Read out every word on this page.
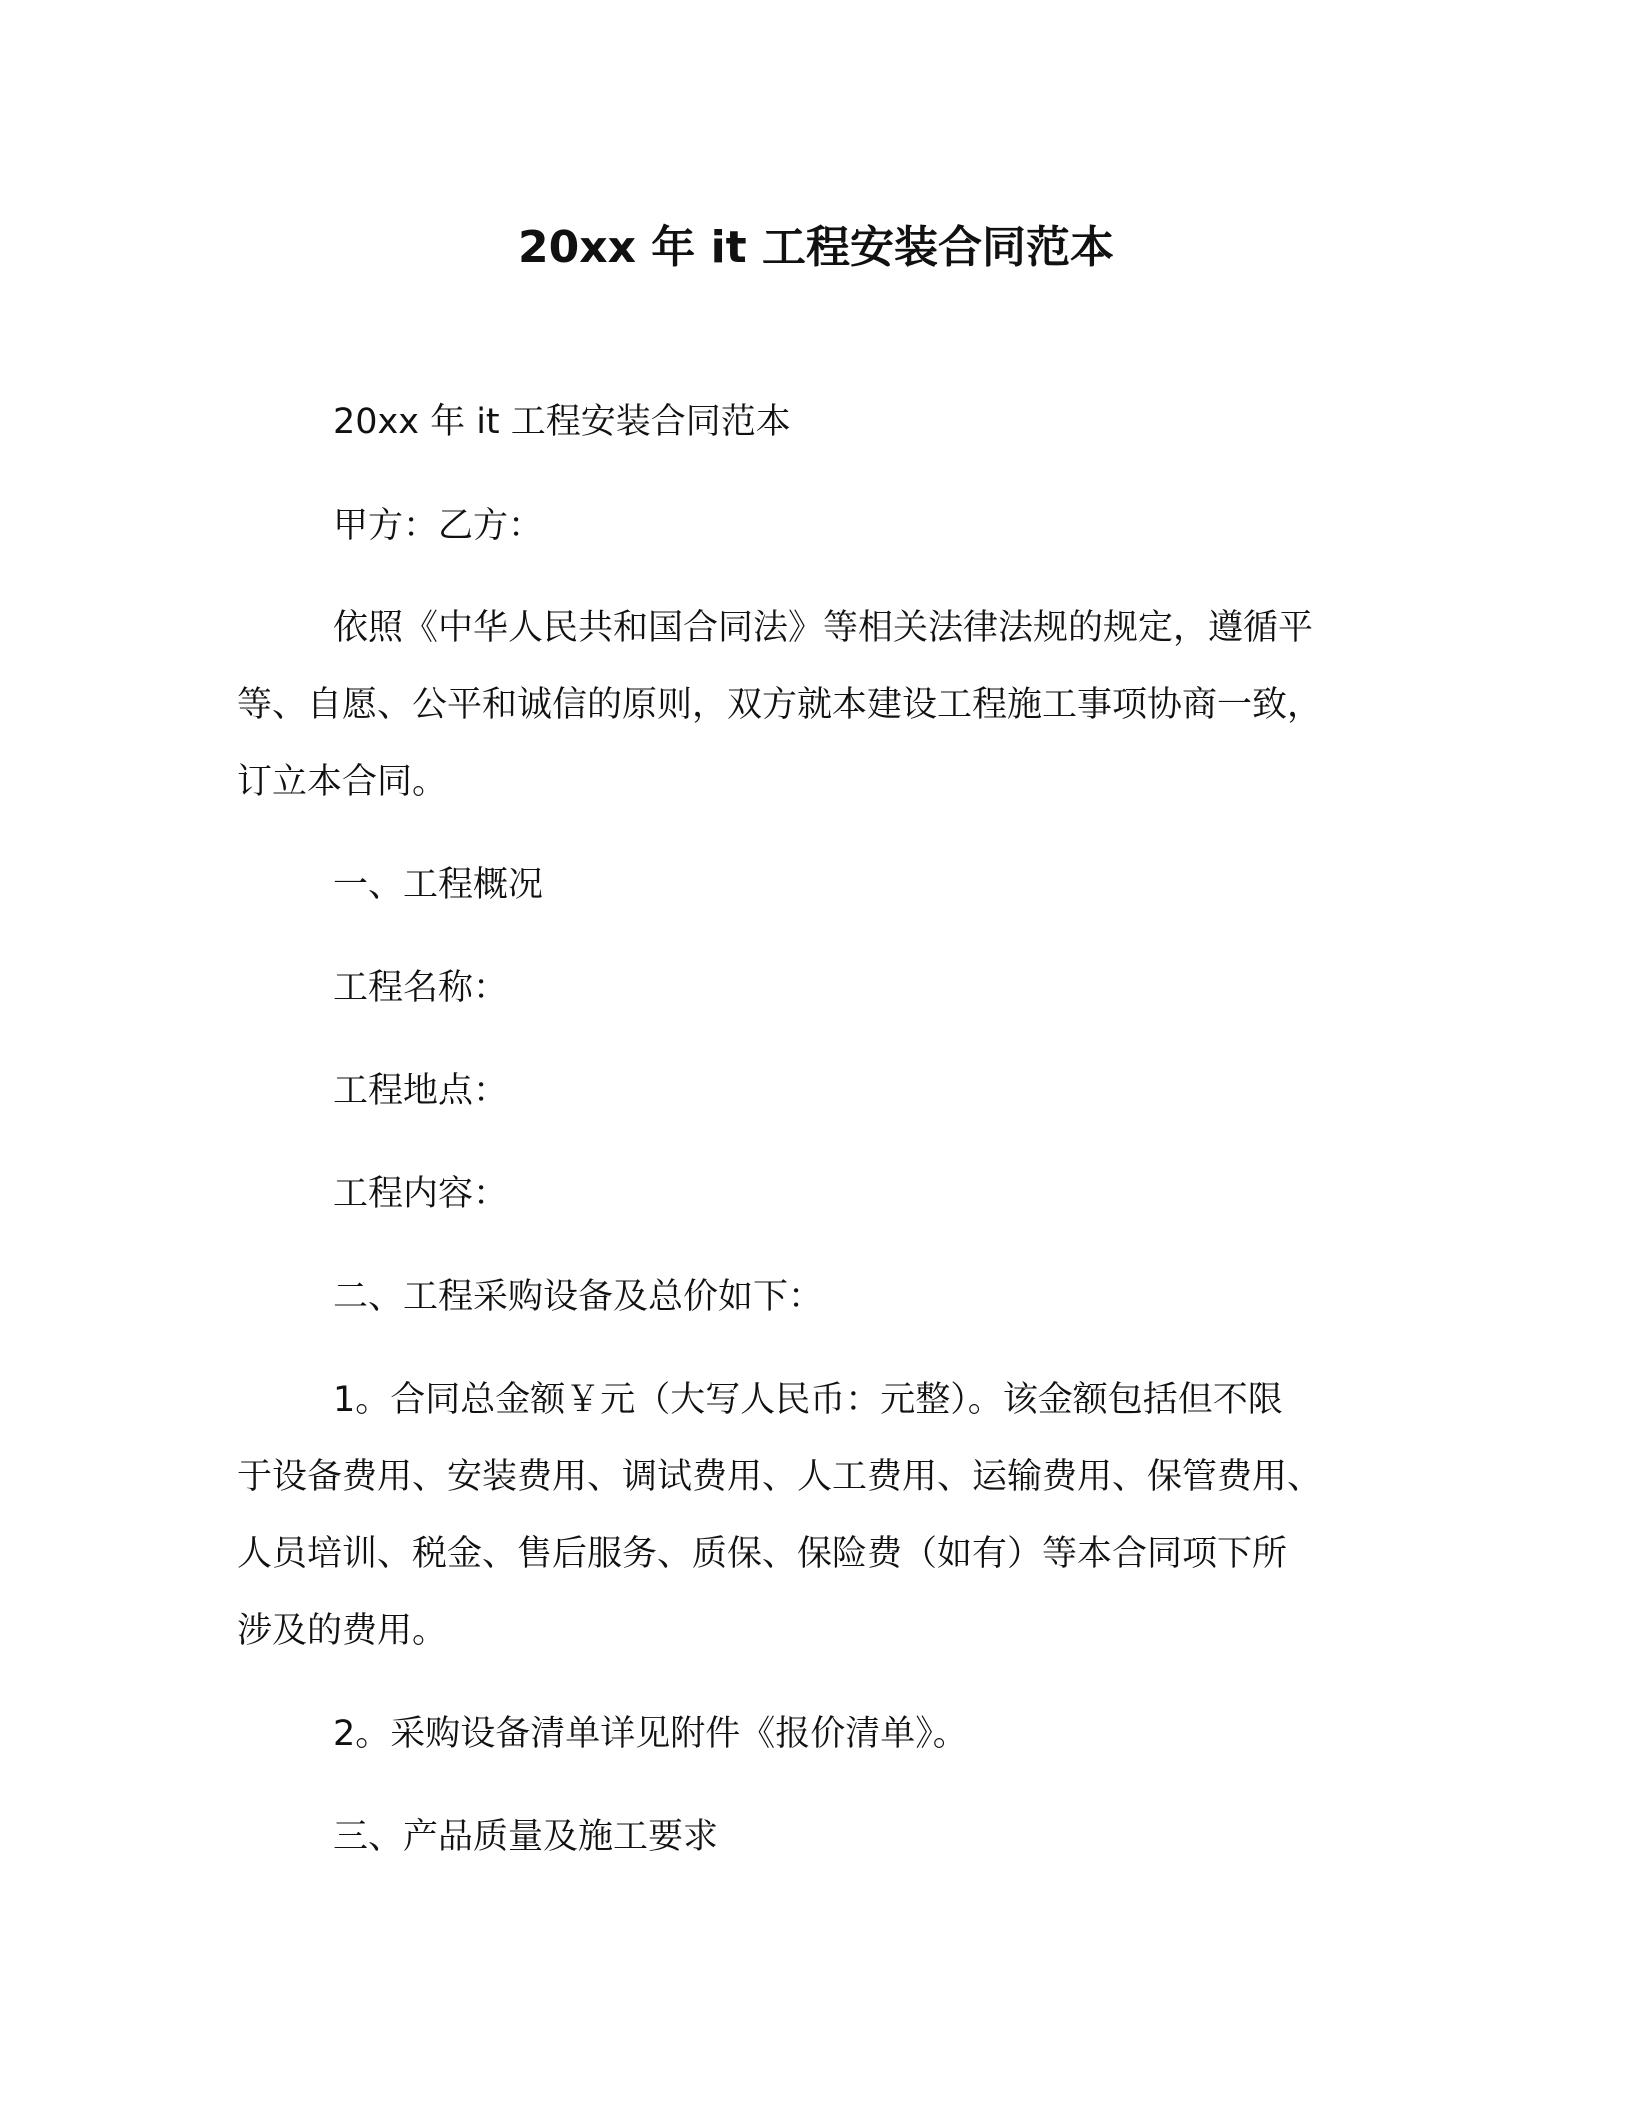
20xx 年 it 工程安装合同范本
20xx 年 it 工程安装合同范本
甲方：乙方：
依照《中华人民共和国合同法》等相关法律法规的规定，遵循平
等、自愿、公平和诚信的原则，双方就本建设工程施工事项协商一致，
订立本合同。
一、工程概况
工程名称：
工程地点：
工程内容：
二、工程采购设备及总价如下：
1。合同总金额￥元（大写人民币：元整）。该金额包括但不限
于设备费用、安装费用、调试费用、人工费用、运输费用、保管费用、
人员培训、税金、售后服务、质保、保险费（如有）等本合同项下所
涉及的费用。
2。采购设备清单详见附件《报价清单》。
三、产品质量及施工要求
